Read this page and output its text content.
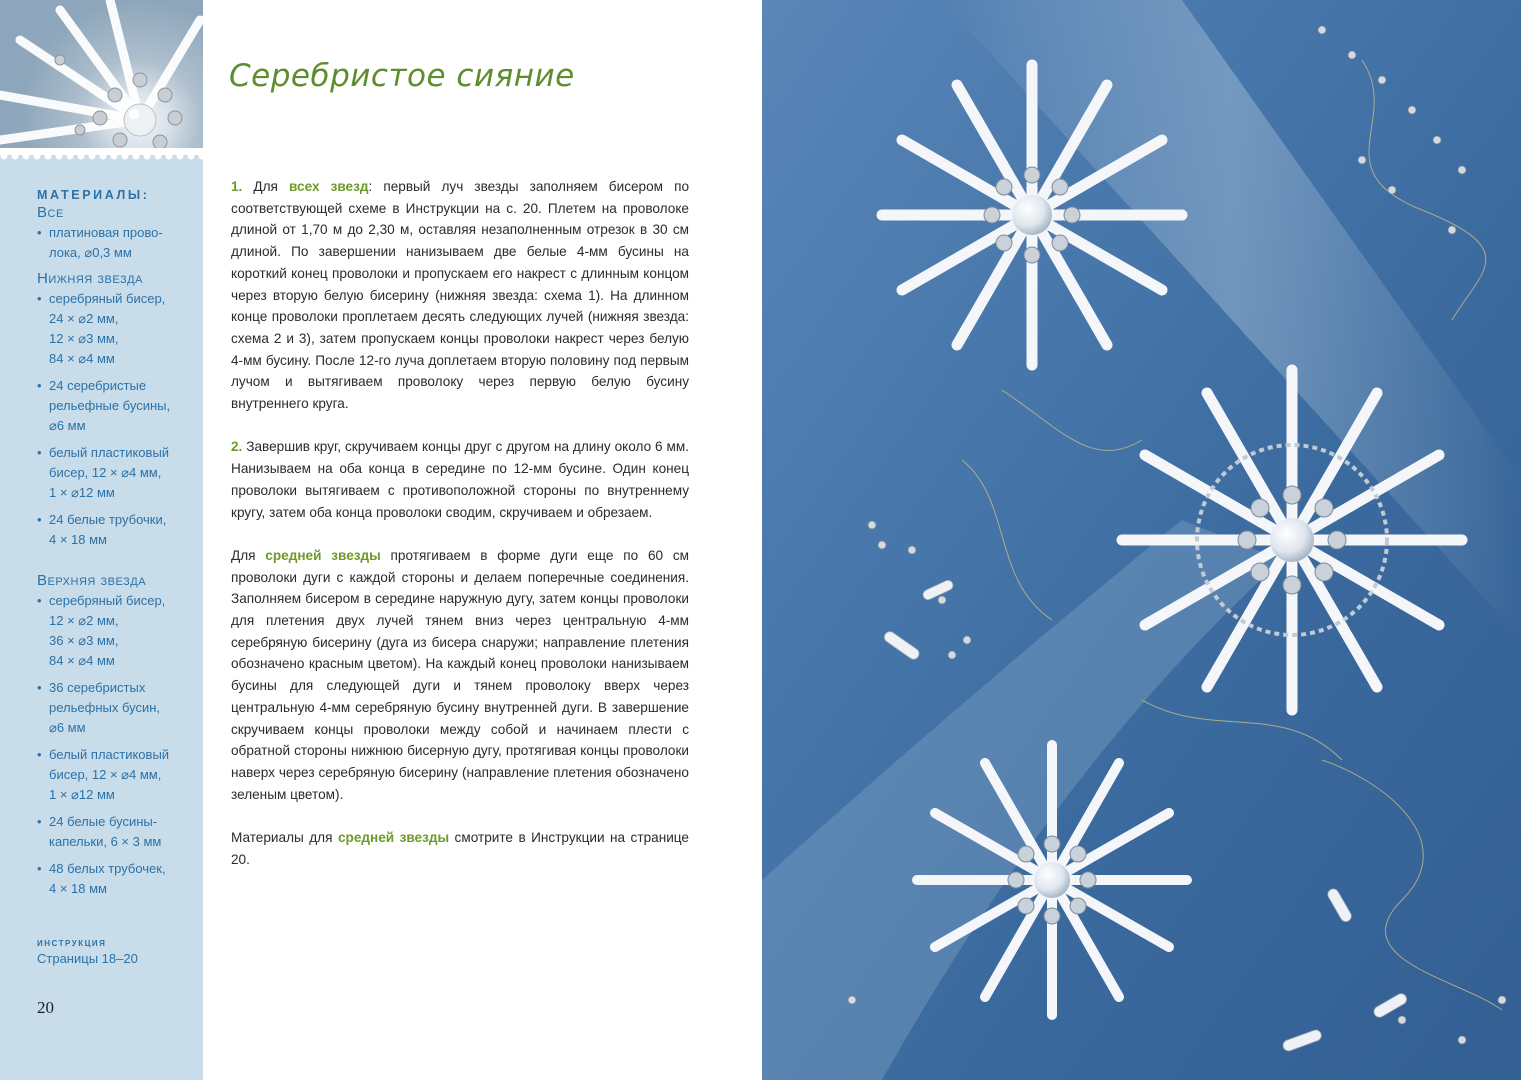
МАТЕРИАЛЫ:
Все
• платиновая прово-
лока, ⌀0,3 мм
Нижняя звезда
• серебряный бисер,
24 × ⌀2 мм,
12 × ⌀3 мм,
84 × ⌀4 мм
• 24 серебристые
рельефные бусины,
⌀6 мм
• белый пластиковый
бисер, 12 × ⌀4 мм,
1 × ⌀12 мм
• 24 белые трубочки,
4 × 18 мм
Верхняя звезда
• серебряный бисер,
12 × ⌀2 мм,
36 × ⌀3 мм,
84 × ⌀4 мм
• 36 серебристых
рельефных бусин,
⌀6 мм
• белый пластиковый
бисер, 12 × ⌀4 мм,
1 × ⌀12 мм
• 24 белые бусины-
капельки, 6 × 3 мм
• 48 белых трубочек,
4 × 18 мм
инструкция
Страницы 18–20
20
Серебристое сияние

1. Для всех звезд: первый луч звезды заполняем бисером по соответствующей схеме в Инструкции на с. 20. Плетем на проволоке длиной от 1,70 м до 2,30 м, оставляя незаполненным отрезок в 30 см длиной. По завершении нанизываем две белые 4-мм бусины на короткий конец проволоки и пропускаем его накрест с длинным концом через вторую белую бисерину (нижняя звезда: схема 1). На длинном конце проволоки проплетаем десять следующих лучей (нижняя звезда: схема 2 и 3), затем пропускаем концы проволоки накрест через белую 4-мм бусину. После 12-го луча доплетаем вторую половину под первым лучом и вытягиваем проволоку через первую белую бусину внутреннего круга.

2. Завершив круг, скручиваем концы друг с другом на длину около 6 мм. Нанизываем на оба конца в середине по 12-мм бусине. Один конец проволоки вытягиваем с противоположной стороны по внутреннему кругу, затем оба конца проволоки сводим, скручиваем и обрезаем.

Для средней звезды протягиваем в форме дуги еще по 60 см проволоки дуги с каждой стороны и делаем поперечные соединения. Заполняем бисером в середине наружную дугу, затем концы проволоки для плетения двух лучей тянем вниз через центральную 4-мм серебряную бисерину (дуга из бисера снаружи; направление плетения обозначено красным цветом). На каждый конец проволоки нанизываем бусины для следующей дуги и тянем проволоку вверх через центральную 4-мм серебряную бусину внутренней дуги. В завершение скручиваем концы проволоки между собой и начинаем плести с обратной стороны нижнюю бисерную дугу, протягивая концы проволоки наверх через серебряную бисерину (направление плетения обозначено зеленым цветом).

Материалы для средней звезды смотрите в Инструкции на странице 20.
